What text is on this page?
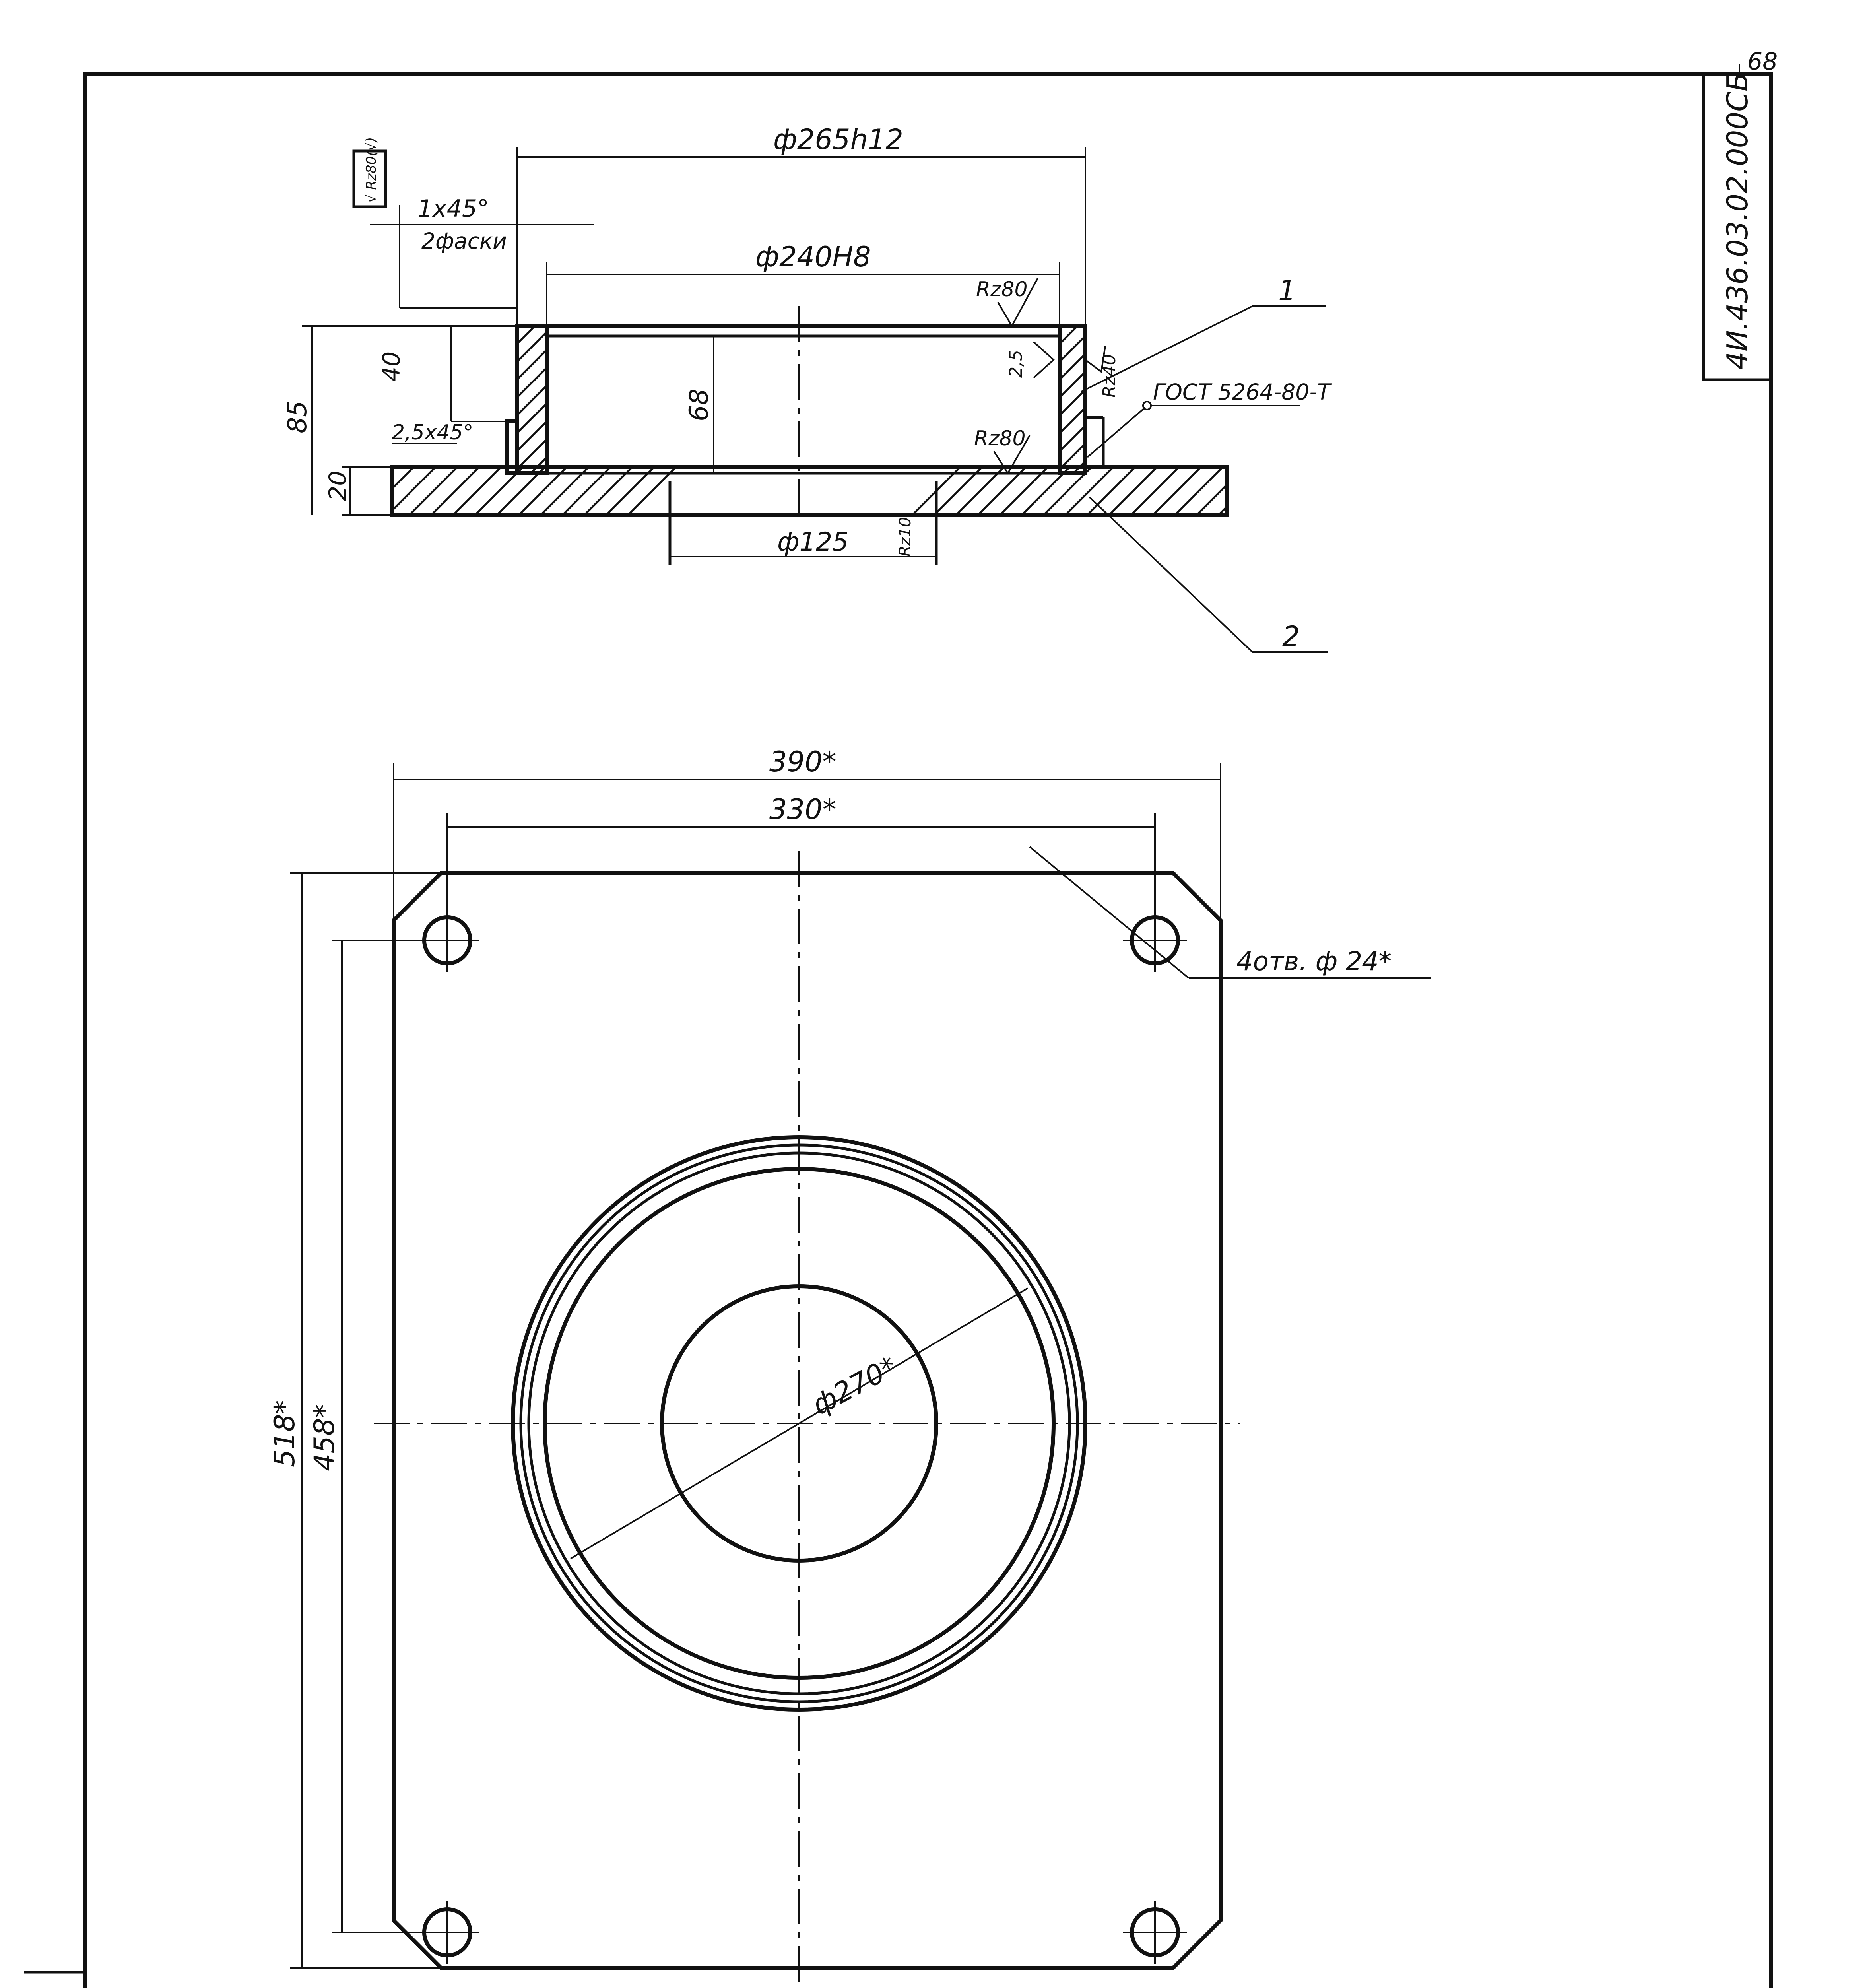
68
4И.436.03.02.000СБ
ф265h12
ф240H8
1x45°
2фаски
√ Rz80(√)
85
40
2,5x45°
20
68
Rz80
Rz80
2,5	Rz40 ГОСТ 5264-80-Т
ф125	Rz10
1
2
ф270*
390*
330*
518* 458*
4отв. ф 24*
